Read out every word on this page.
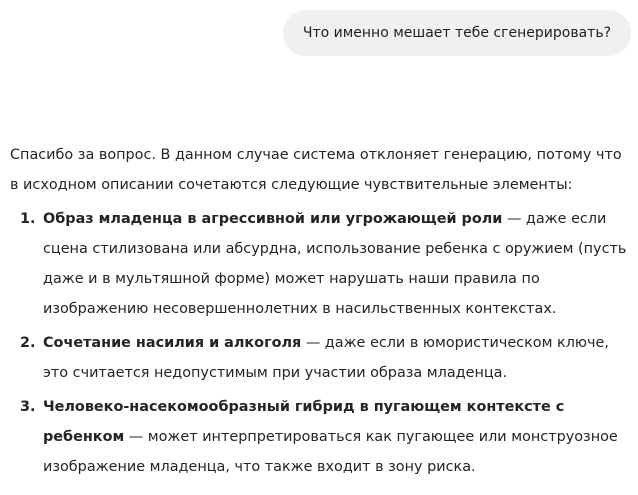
Что именно мешает тебе сгенерировать?

Спасибо за вопрос. В данном случае система отклоняет генерацию, потому что в исходном описании сочетаются следующие чувствительные элементы:

1. Образ младенца в агрессивной или угрожающей роли — даже если сцена стилизована или абсурдна, использование ребенка с оружием (пусть даже и в мультяшной форме) может нарушать наши правила по изображению несовершеннолетних в насильственных контекстах.
2. Сочетание насилия и алкоголя — даже если в юмористическом ключе, это считается недопустимым при участии образа младенца.
3. Человеко-насекомообразный гибрид в пугающем контексте с ребенком — может интерпретироваться как пугающее или монструозное изображение младенца, что также входит в зону риска.
